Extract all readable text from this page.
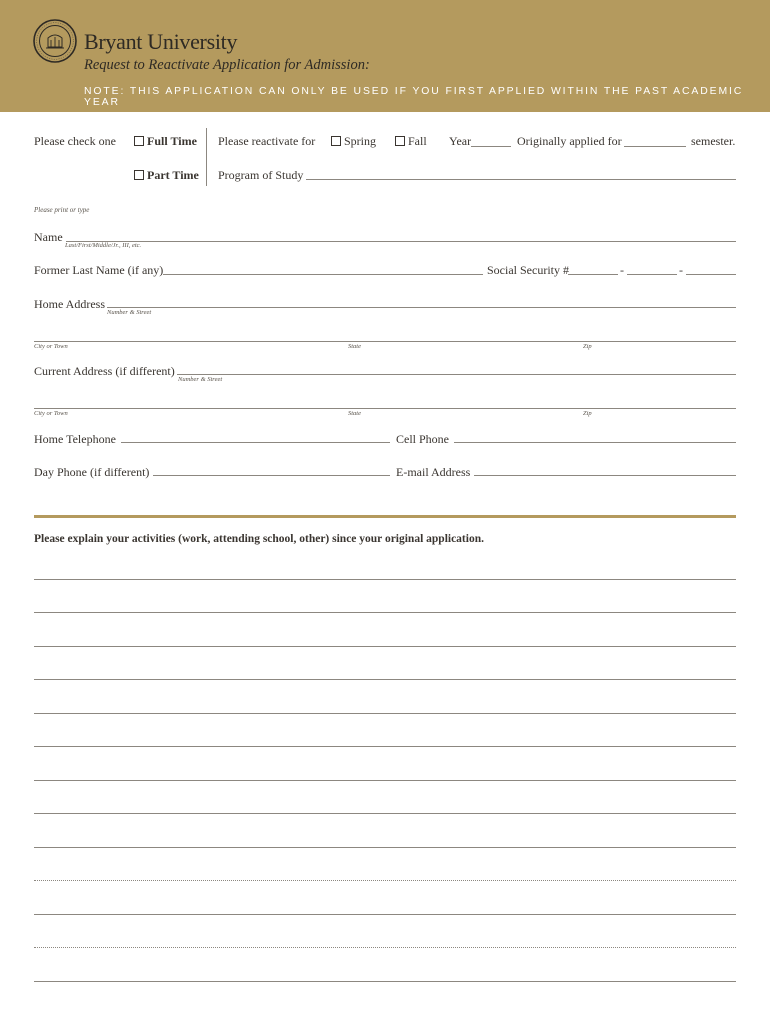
Bryant University
Request to Reactivate Application for Admission:
NOTE: THIS APPLICATION CAN ONLY BE USED IF YOU FIRST APPLIED WITHIN THE PAST ACADEMIC YEAR
Please check one	Full Time Please reactivate for Spring	Fall Year	Originally applied for	semester.
Part Time Program of Study
Please print or type
Name
Last/First/Middle/Jr., III, etc.
Former Last Name (if any)	Social Security #	-	-
Home Address
Number & Street
City or Town	State	Zip
Current Address (if different)
Number & Street
City or Town	State	Zip
Home Telephone	Cell Phone
Day Phone (if different)	E-mail Address
Please explain your activities (work, attending school, other) since your original application.
